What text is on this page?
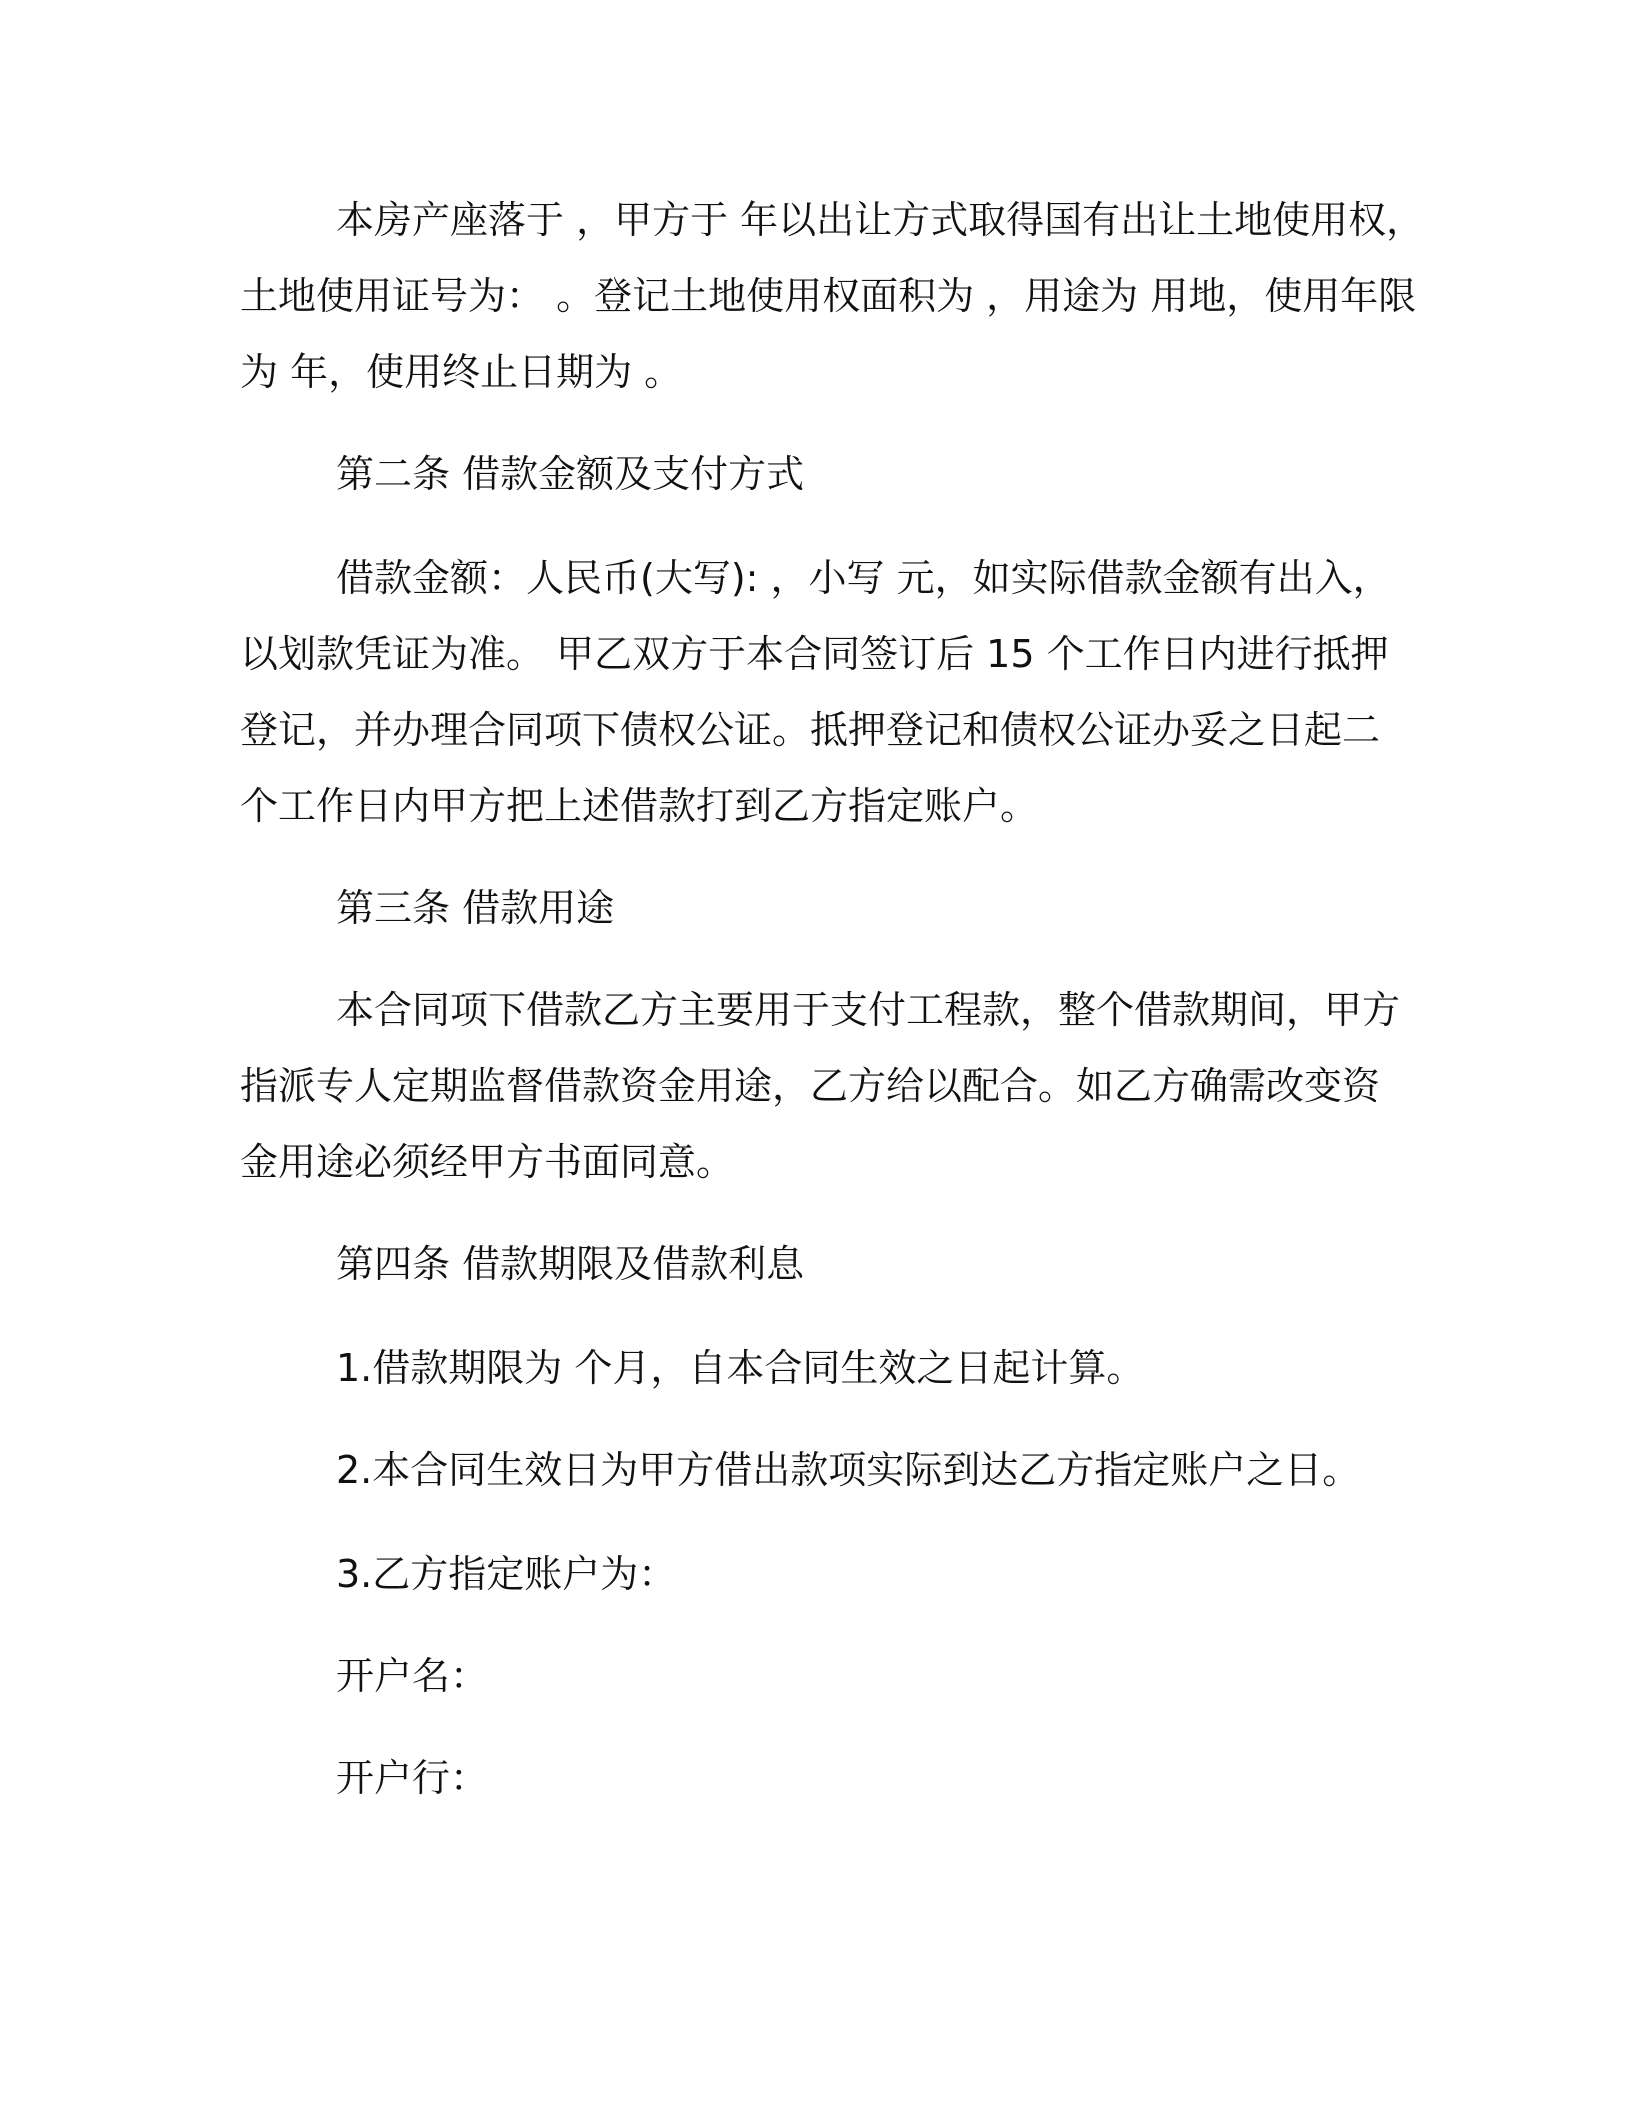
本房产座落于 ，甲方于 年以出让方式取得国有出让土地使用权，
土地使用证号为： 。登记土地使用权面积为 ，用途为 用地，使用年限
为 年，使用终止日期为 。
第二条 借款金额及支付方式
借款金额：人民币(大写): ，小写 元，如实际借款金额有出入，
以划款凭证为准。 甲乙双方于本合同签订后 15 个工作日内进行抵押
登记，并办理合同项下债权公证。抵押登记和债权公证办妥之日起二
个工作日内甲方把上述借款打到乙方指定账户。
第三条 借款用途
本合同项下借款乙方主要用于支付工程款，整个借款期间，甲方
指派专人定期监督借款资金用途，乙方给以配合。如乙方确需改变资
金用途必须经甲方书面同意。
第四条 借款期限及借款利息
1.借款期限为 个月，自本合同生效之日起计算。
2.本合同生效日为甲方借出款项实际到达乙方指定账户之日。
3.乙方指定账户为：
开户名：
开户行：
